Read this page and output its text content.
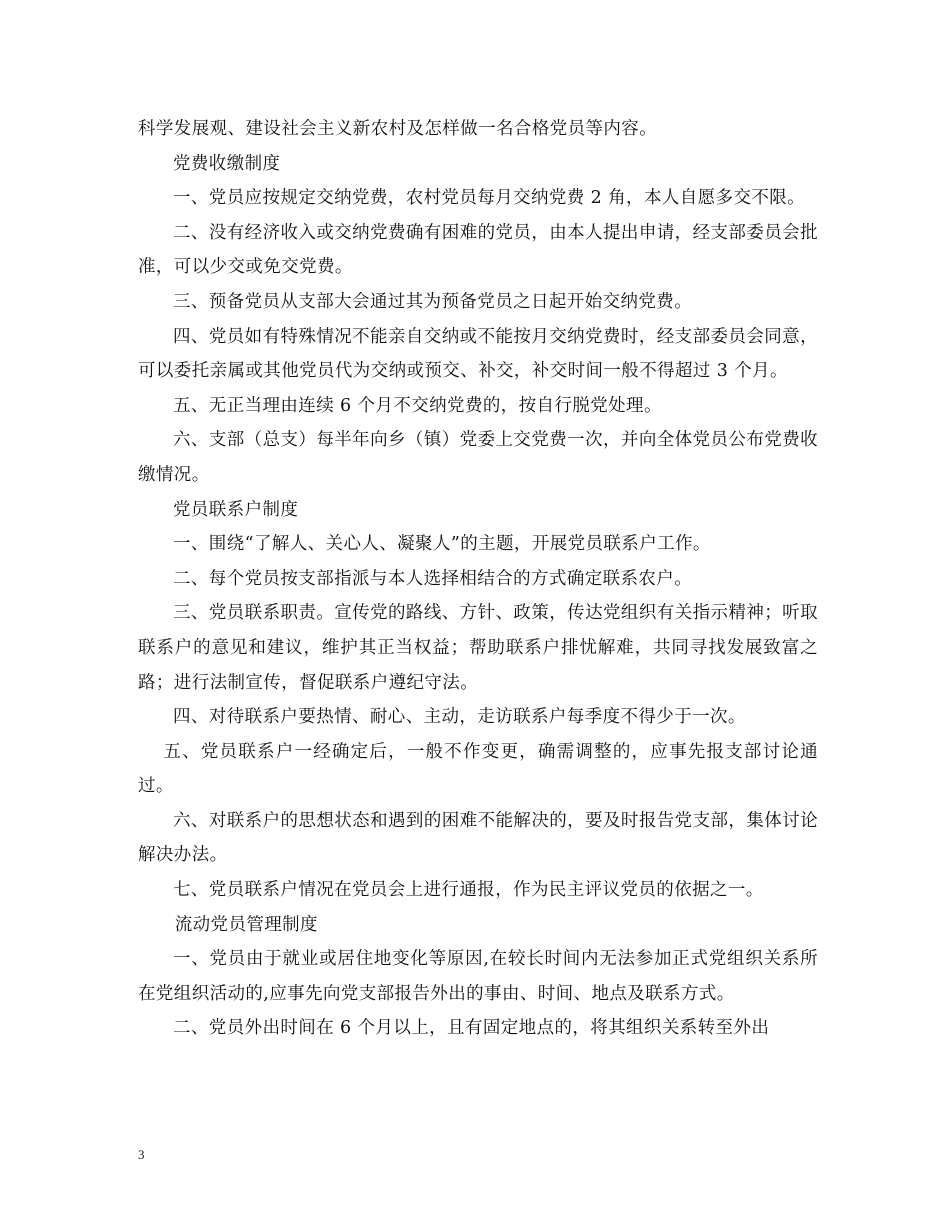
科学发展观、建设社会主义新农村及怎样做一名合格党员等内容。

党费收缴制度

一、党员应按规定交纳党费，农村党员每月交纳党费 2 角，本人自愿多交不限。

二、没有经济收入或交纳党费确有困难的党员，由本人提出申请，经支部委员会批准，可以少交或免交党费。

三、预备党员从支部大会通过其为预备党员之日起开始交纳党费。

四、党员如有特殊情况不能亲自交纳或不能按月交纳党费时，经支部委员会同意，可以委托亲属或其他党员代为交纳或预交、补交，补交时间一般不得超过 3 个月。

五、无正当理由连续 6 个月不交纳党费的，按自行脱党处理。

六、支部（总支）每半年向乡（镇）党委上交党费一次，并向全体党员公布党费收缴情况。

党员联系户制度

一、围绕“了解人、关心人、凝聚人”的主题，开展党员联系户工作。

二、每个党员按支部指派与本人选择相结合的方式确定联系农户。

三、党员联系职责。宣传党的路线、方针、政策，传达党组织有关指示精神；听取联系户的意见和建议，维护其正当权益；帮助联系户排忧解难，共同寻找发展致富之路；进行法制宣传，督促联系户遵纪守法。

四、对待联系户要热情、耐心、主动，走访联系户每季度不得少于一次。

五、党员联系户一经确定后，一般不作变更，确需调整的，应事先报支部讨论通过。

六、对联系户的思想状态和遇到的困难不能解决的，要及时报告党支部，集体讨论解决办法。

七、党员联系户情况在党员会上进行通报，作为民主评议党员的依据之一。

流动党员管理制度

一、党员由于就业或居住地变化等原因,在较长时间内无法参加正式党组织关系所在党组织活动的,应事先向党支部报告外出的事由、时间、地点及联系方式。

二、党员外出时间在 6 个月以上，且有固定地点的，将其组织关系转至外出

3
